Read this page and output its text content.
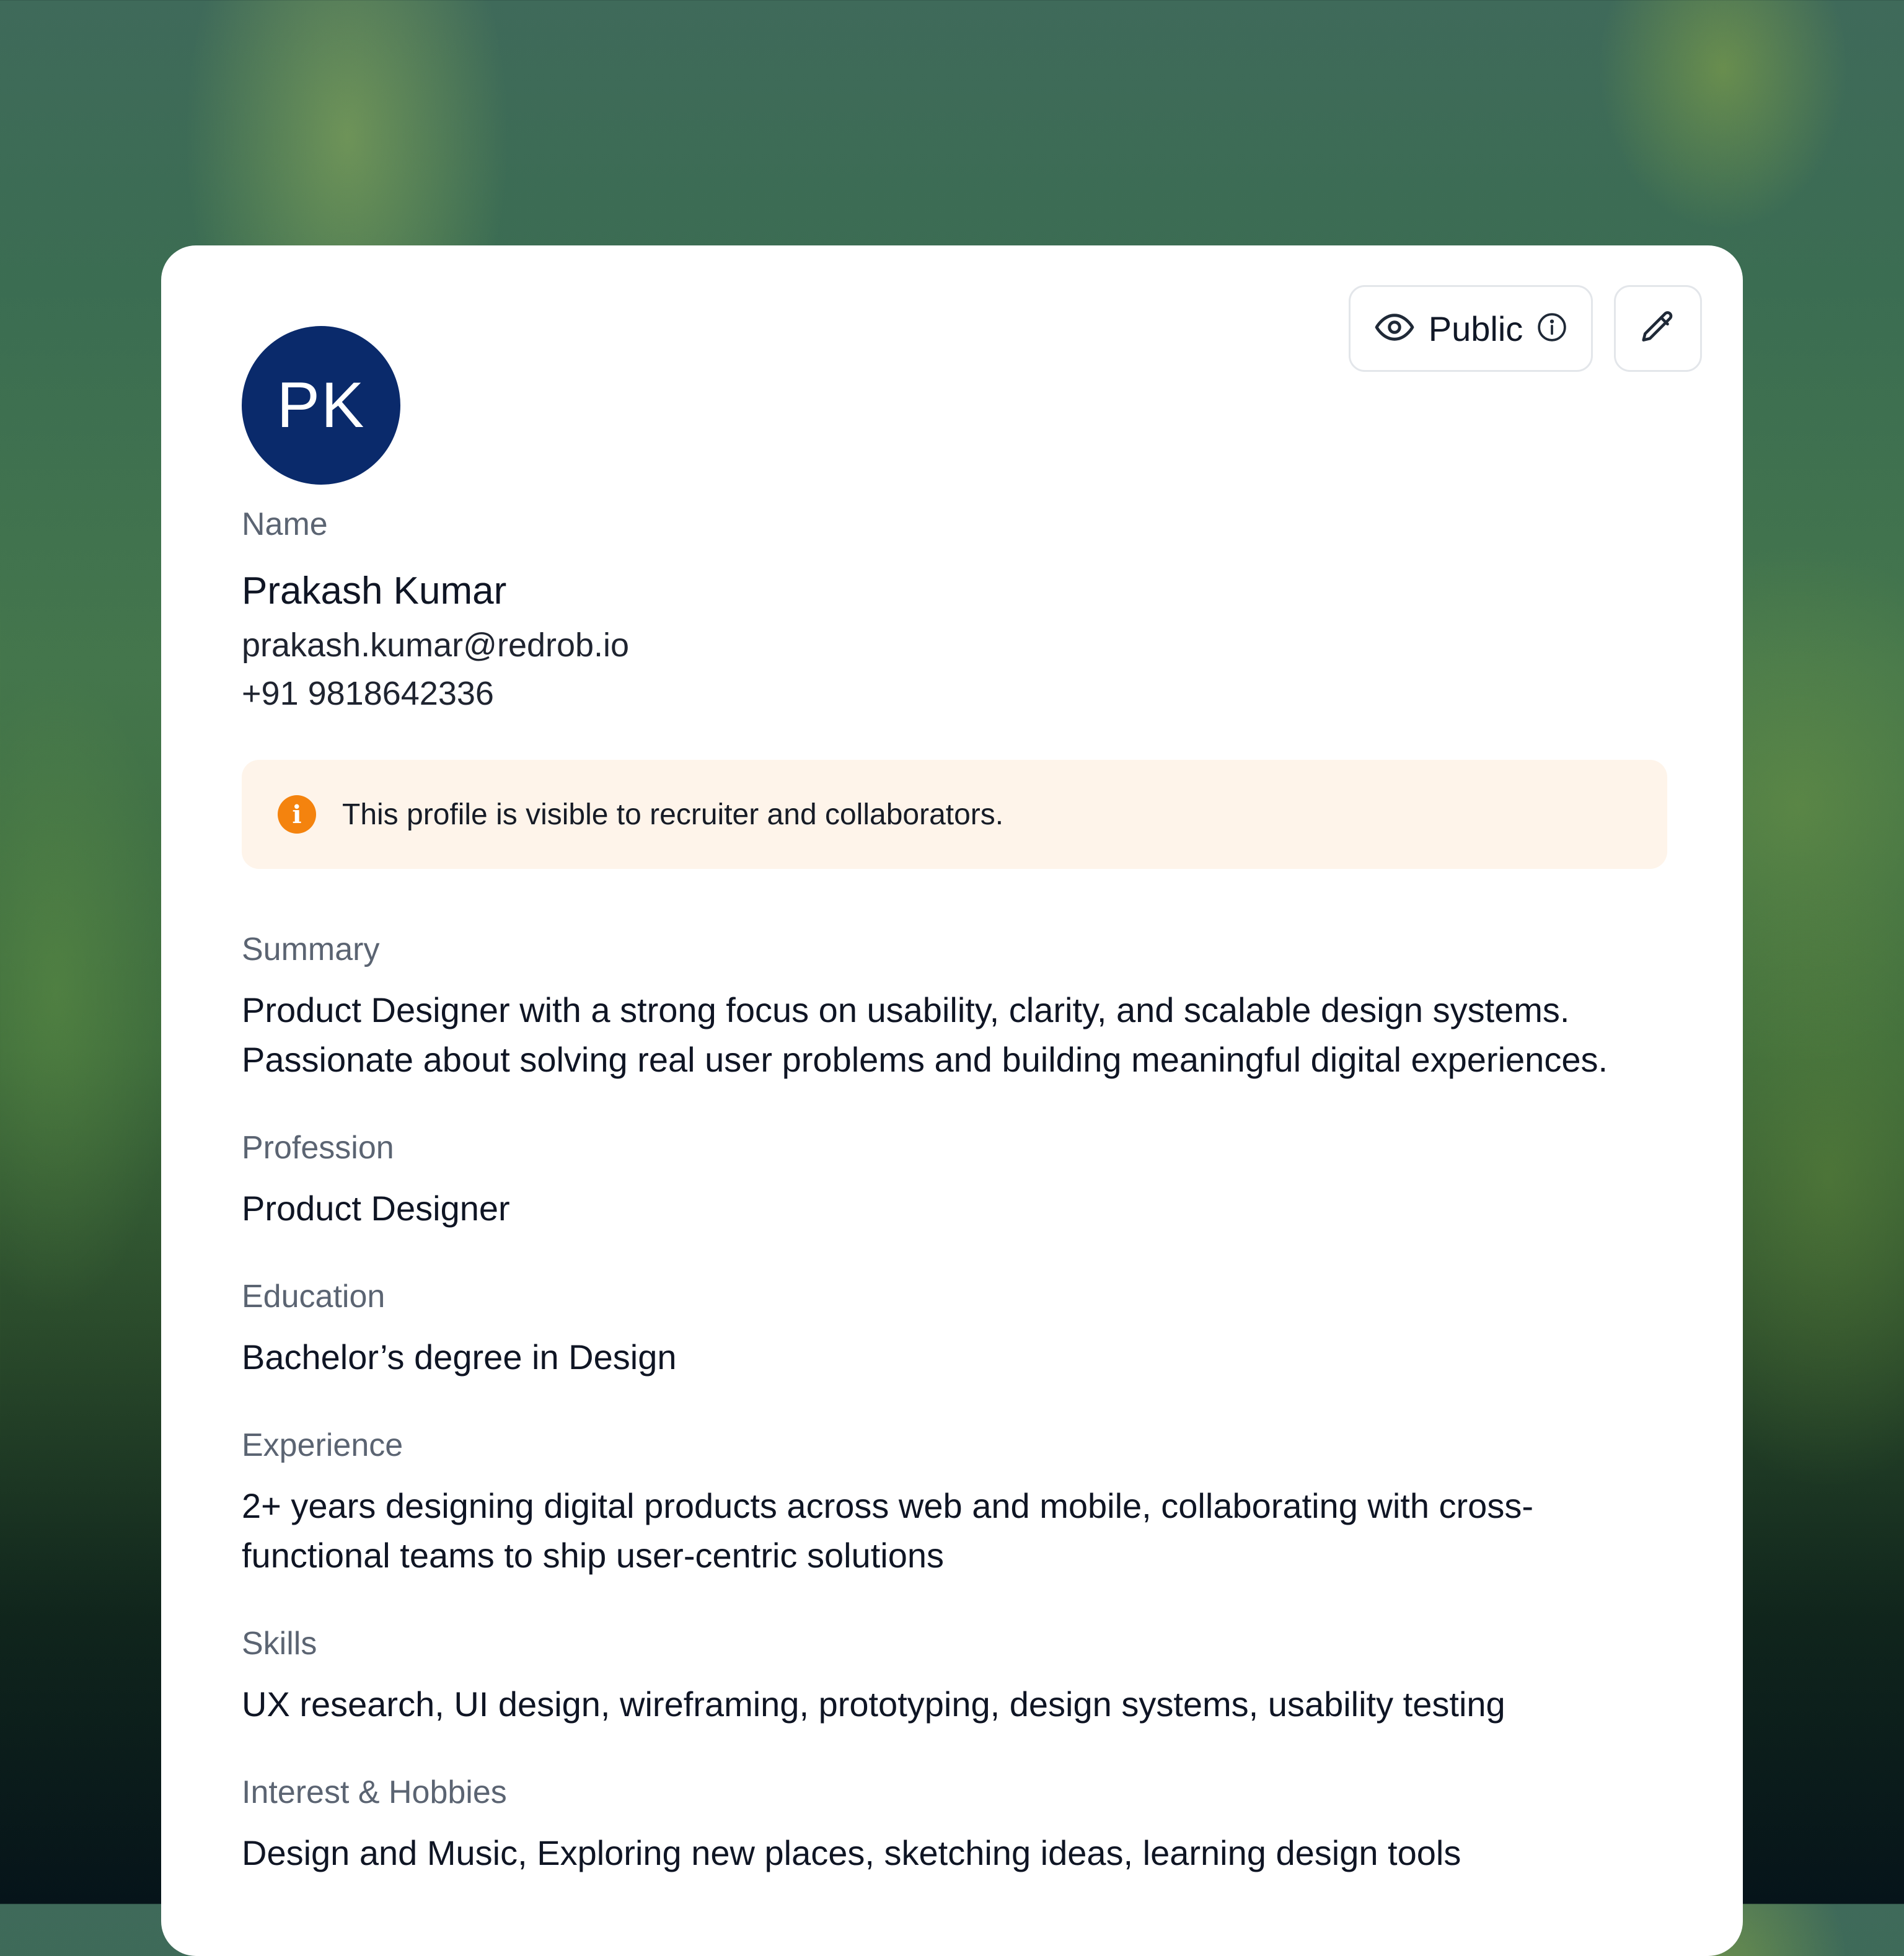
PK
Public
Name
Prakash Kumar
prakash.kumar@redrob.io
+91 9818642336
i	This profile is visible to recruiter and collaborators.
Summary
Product Designer with a strong focus on usability, clarity, and scalable design systems. Passionate about solving real user problems and building meaningful digital experiences.
Profession
Product Designer
Education
Bachelor’s degree in Design
Experience
2+ years designing digital products across web and mobile, collaborating with cross-functional teams to ship user-centric solutions
Skills
UX research, UI design, wireframing, prototyping, design systems, usability testing
Interest & Hobbies
Design and Music, Exploring new places, sketching ideas, learning design tools
